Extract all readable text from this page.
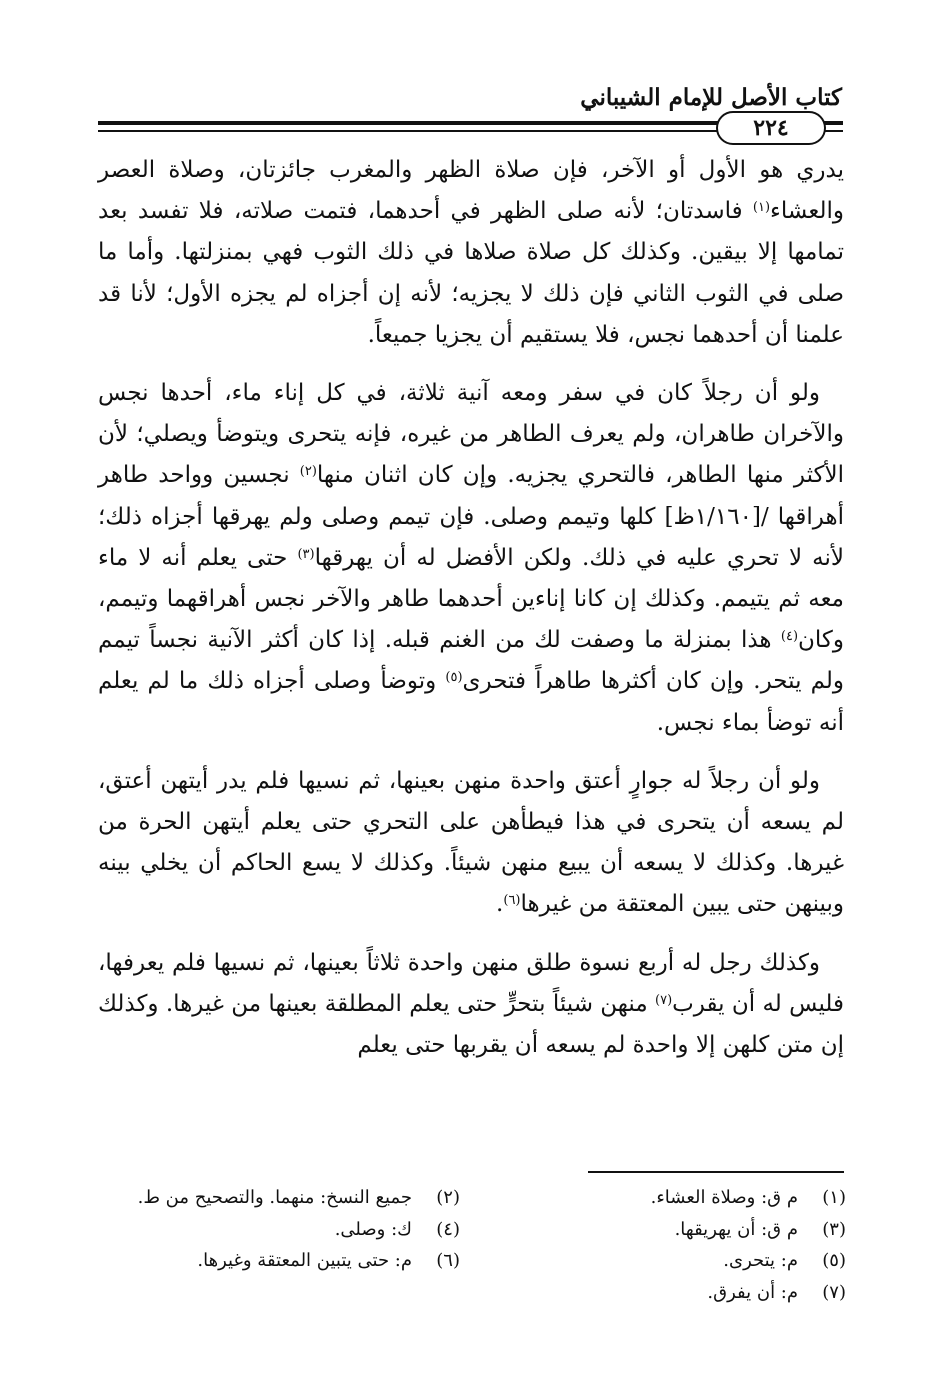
كتاب الأصل للإمام الشيباني
٢٢٤

يدري هو الأول أو الآخر، فإن صلاة الظهر والمغرب جائزتان، وصلاة العصر والعشاء$^{(١)}$ فاسدتان؛ لأنه صلى الظهر في أحدهما، فتمت صلاته، فلا تفسد بعد تمامها إلا بيقين. وكذلك كل صلاة صلاها في ذلك الثوب فهي بمنزلتها. وأما ما صلى في الثوب الثاني فإن ذلك لا يجزيه؛ لأنه إن أجزاه لم يجزه الأول؛ لأنا قد علمنا أن أحدهما نجس، فلا يستقيم أن يجزيا جميعاً.

ولو أن رجلاً كان في سفر ومعه آنية ثلاثة، في كل إناء ماء، أحدها نجس والآخران طاهران، ولم يعرف الطاهر من غيره، فإنه يتحرى ويتوضأ ويصلي؛ لأن الأكثر منها الطاهر، فالتحري يجزيه. وإن كان اثنان منها$^{(٢)}$ نجسين وواحد طاهر أهراقها /[١/١٦٠ظ] كلها وتيمم وصلى. فإن تيمم وصلى ولم يهرقها أجزاه ذلك؛ لأنه لا تحري عليه في ذلك. ولكن الأفضل له أن يهرقها$^{(٣)}$ حتى يعلم أنه لا ماء معه ثم يتيمم. وكذلك إن كانا إناءين أحدهما طاهر والآخر نجس أهراقهما وتيمم، وكان$^{(٤)}$ هذا بمنزلة ما وصفت لك من الغنم قبله. إذا كان أكثر الآنية نجساً تيمم ولم يتحر. وإن كان أكثرها طاهراً فتحرى$^{(٥)}$ وتوضأ وصلى أجزاه ذلك ما لم يعلم أنه توضأ بماء نجس.

ولو أن رجلاً له جوارٍ أعتق واحدة منهن بعينها، ثم نسيها فلم يدر أيتهن أعتق، لم يسعه أن يتحرى في هذا فيطأهن على التحري حتى يعلم أيتهن الحرة من غيرها. وكذلك لا يسعه أن يبيع منهن شيئاً. وكذلك لا يسع الحاكم أن يخلي بينه وبينهن حتى يبين المعتقة من غيرها$^{(٦)}$.

وكذلك رجل له أربع نسوة طلق منهن واحدة ثلاثاً بعينها، ثم نسيها فلم يعرفها، فليس له أن يقرب$^{(٧)}$ منهن شيئاً بتحرٍّ حتى يعلم المطلقة بعينها من غيرها. وكذلك إن متن كلهن إلا واحدة لم يسعه أن يقربها حتى يعلم

(١)م ق: وصلاة العشاء.
(٣)م ق: أن يهريقها.
(٥)م: يتحرى.
(٧)م: أن يفرق.
(٢)جميع النسخ: منهما. والتصحيح من ط.
(٤)ك: وصلى.
(٦)م: حتى يتبين المعتقة وغيرها.
